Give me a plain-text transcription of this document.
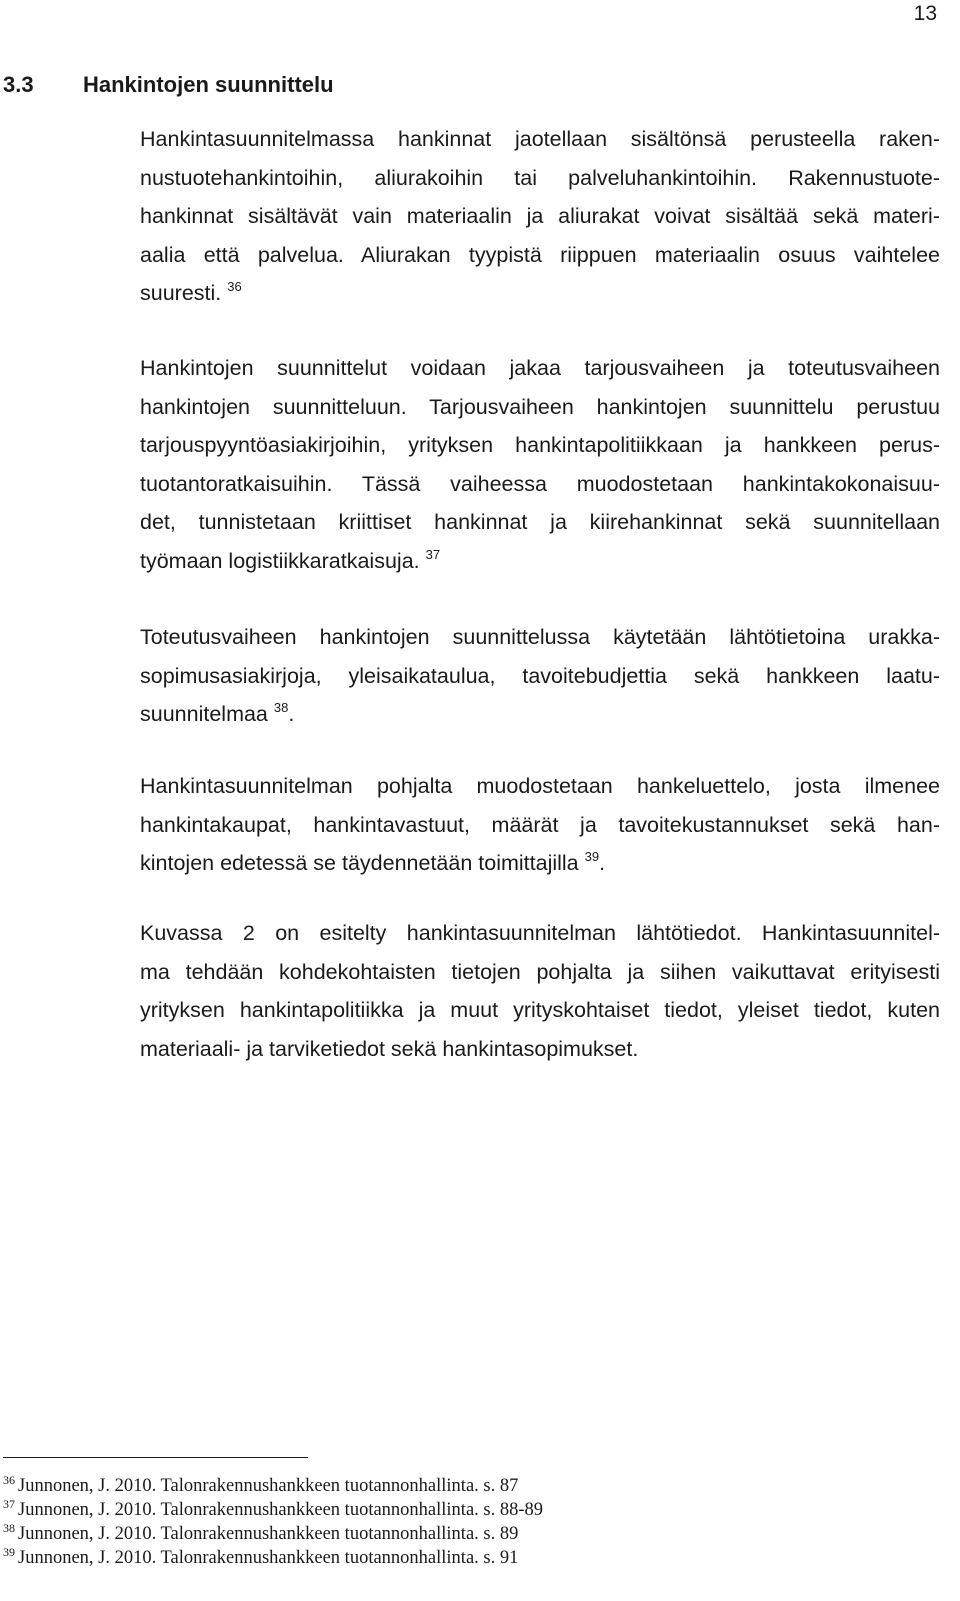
13
3.3 Hankintojen suunnittelu
Hankintasuunnitelmassa hankinnat jaotellaan sisältönsä perusteella raken-
nustuotehankintoihin, aliurakoihin tai palveluhankintoihin. Rakennustuote-
hankinnat sisältävät vain materiaalin ja aliurakat voivat sisältää sekä materi-
aalia että palvelua. Aliurakan tyypistä riippuen materiaalin osuus vaihtelee
suuresti. $^{36}$
Hankintojen suunnittelut voidaan jakaa tarjousvaiheen ja toteutusvaiheen
hankintojen suunnitteluun. Tarjousvaiheen hankintojen suunnittelu perustuu
tarjouspyyntöasiakirjoihin, yrityksen hankintapolitiikkaan ja hankkeen perus-
tuotantoratkaisuihin. Tässä vaiheessa muodostetaan hankintakokonaisuu-
det, tunnistetaan kriittiset hankinnat ja kiirehankinnat sekä suunnitellaan
työmaan logistiikkaratkaisuja. $^{37}$
Toteutusvaiheen hankintojen suunnittelussa käytetään lähtötietoina urakka-
sopimusasiakirjoja, yleisaikataulua, tavoitebudjettia sekä hankkeen laatu-
suunnitelmaa $^{38}$.
Hankintasuunnitelman pohjalta muodostetaan hankeluettelo, josta ilmenee
hankintakaupat, hankintavastuut, määrät ja tavoitekustannukset sekä han-
kintojen edetessä se täydennetään toimittajilla $^{39}$.
Kuvassa 2 on esitelty hankintasuunnitelman lähtötiedot. Hankintasuunnitel-
ma tehdään kohdekohtaisten tietojen pohjalta ja siihen vaikuttavat erityisesti
yrityksen hankintapolitiikka ja muut yrityskohtaiset tiedot, yleiset tiedot, kuten
materiaali- ja tarviketiedot sekä hankintasopimukset.
$^{36}$ Junnonen, J. 2010. Talonrakennushankkeen tuotannonhallinta. s. 87
$^{37}$ Junnonen, J. 2010. Talonrakennushankkeen tuotannonhallinta. s. 88-89
$^{38}$ Junnonen, J. 2010. Talonrakennushankkeen tuotannonhallinta. s. 89
$^{39}$ Junnonen, J. 2010. Talonrakennushankkeen tuotannonhallinta. s. 91
